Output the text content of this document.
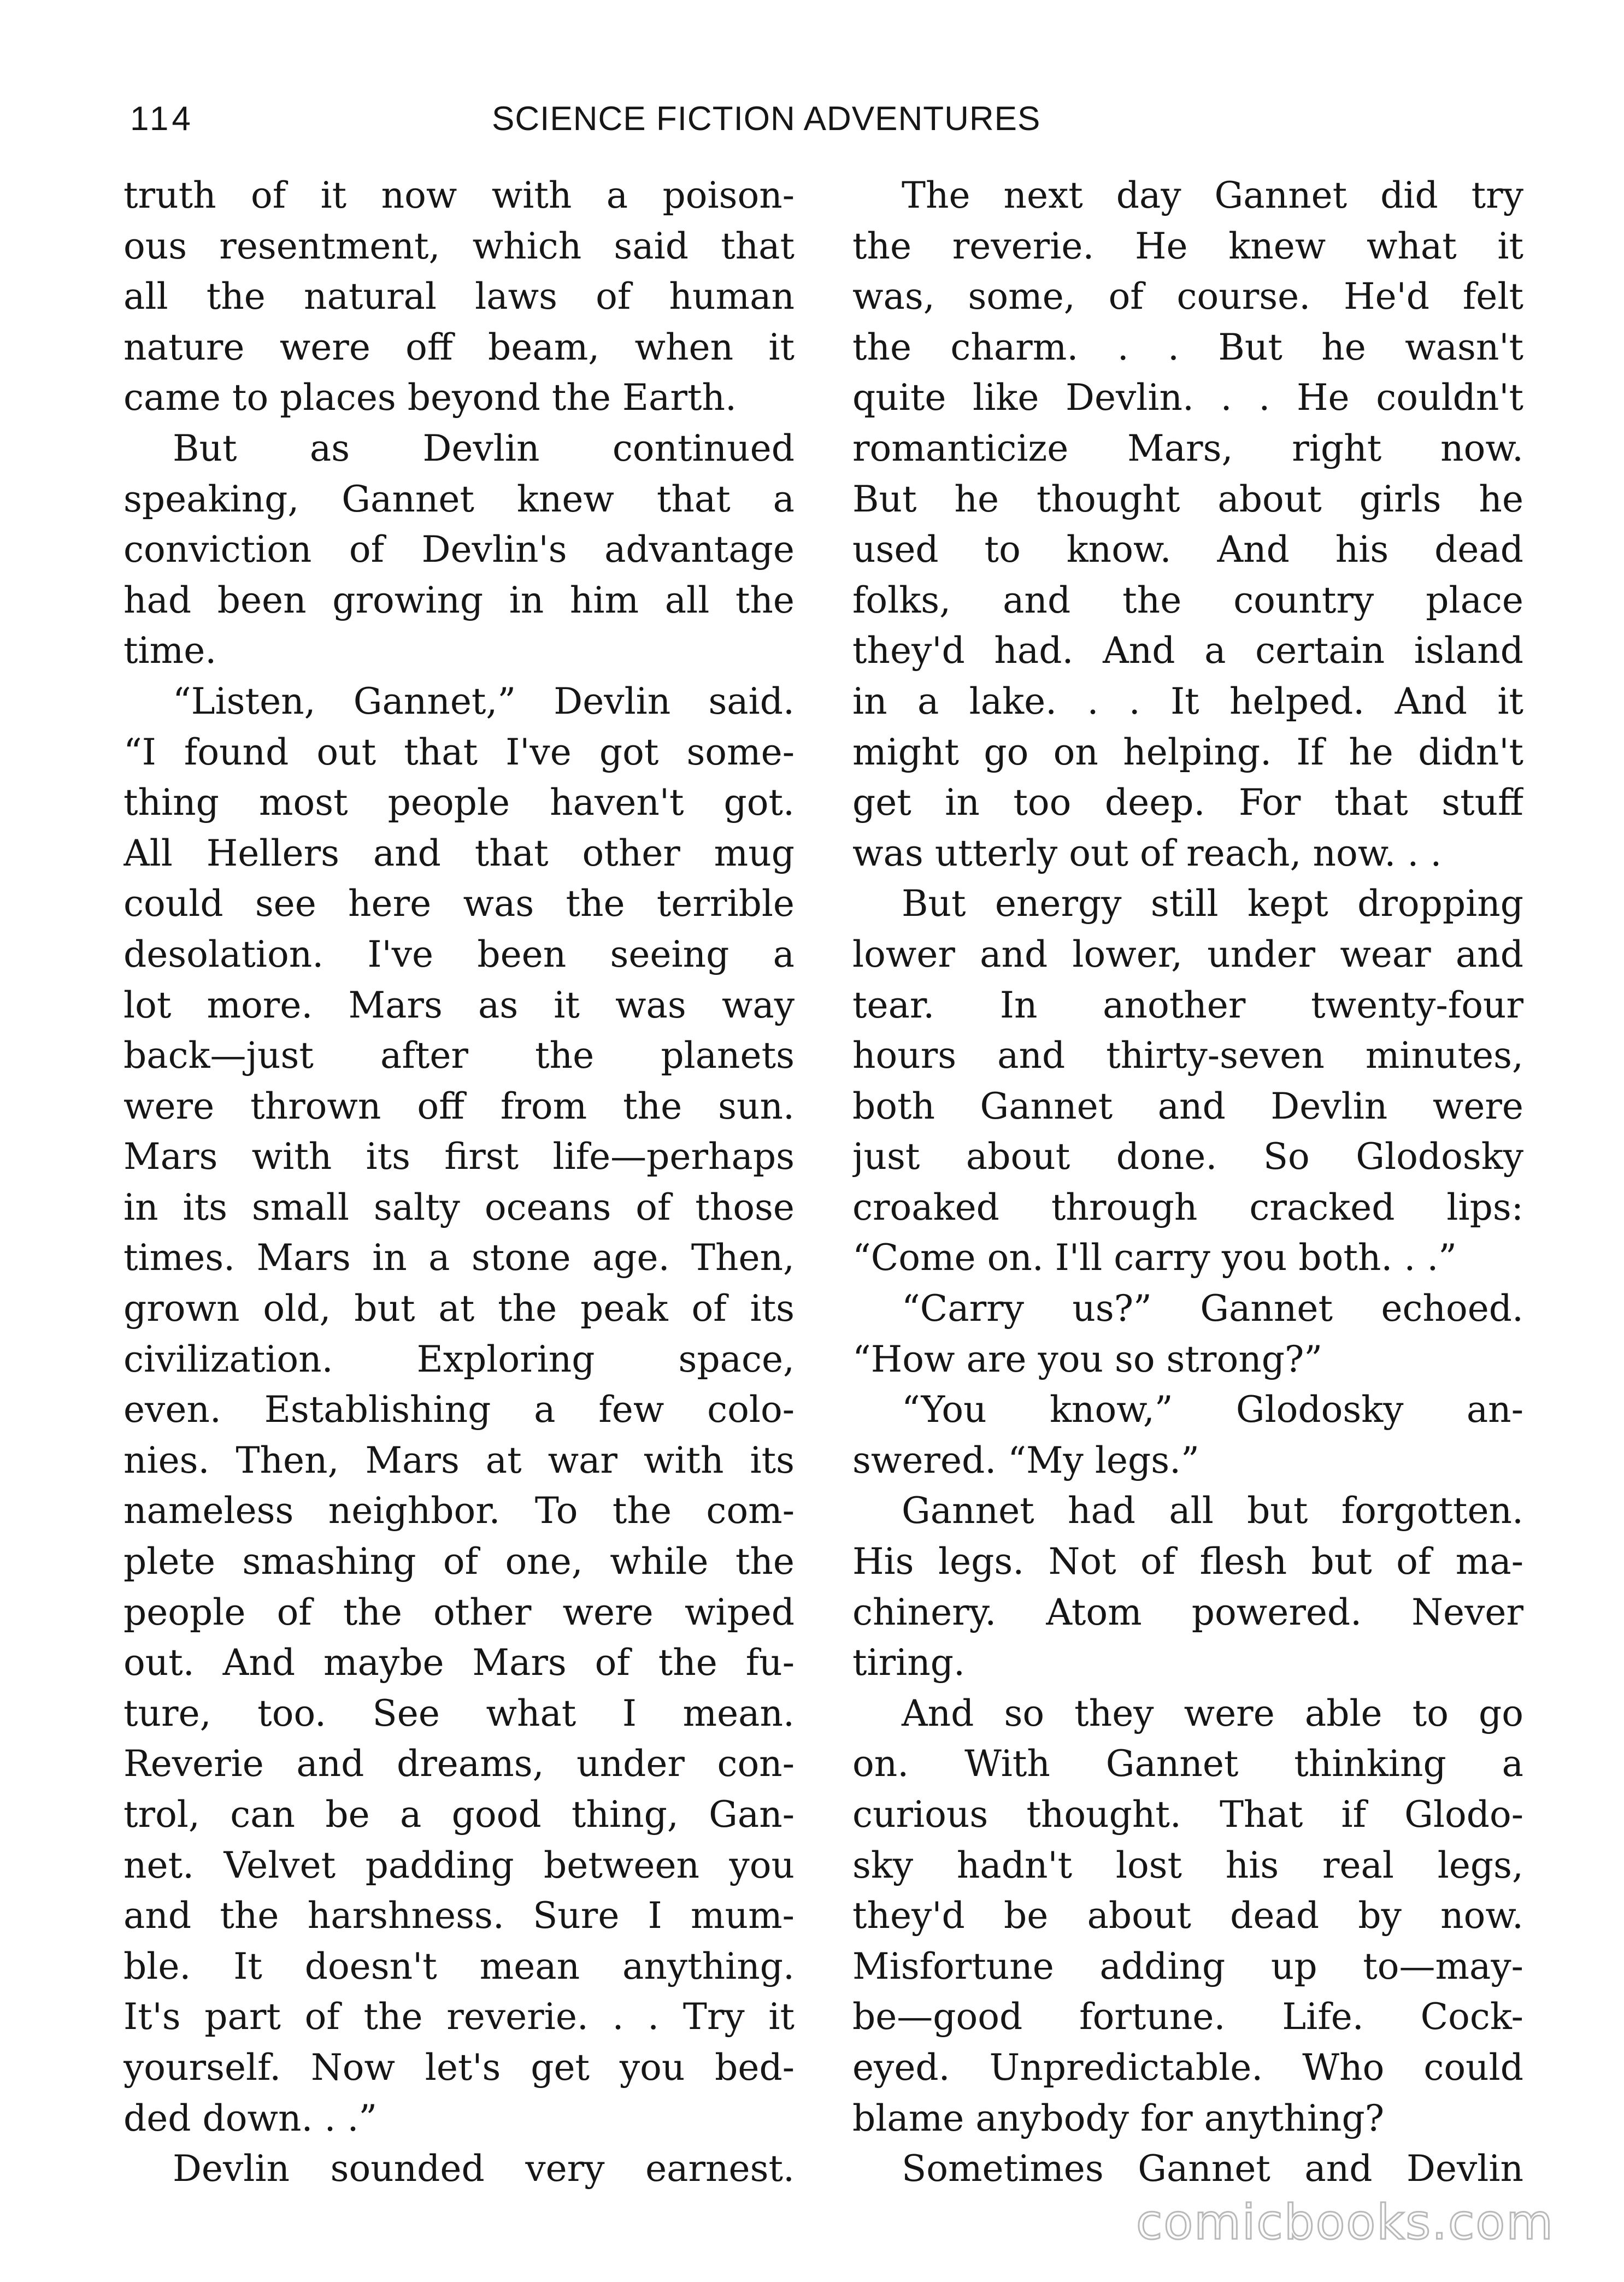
114	SCIENCE FICTION ADVENTURES
truth of it now with a poison-
ous resentment, which said that
all the natural laws of human
nature were off beam, when it
came to places beyond the Earth.
But as Devlin continued
speaking, Gannet knew that a
conviction of Devlin's advantage
had been growing in him all the
time.
“Listen, Gannet,” Devlin said.
“I found out that I've got some-
thing most people haven't got.
All Hellers and that other mug
could see here was the terrible
desolation. I've been seeing a
lot more. Mars as it was way
back—just after the planets
were thrown off from the sun.
Mars with its first life—perhaps
in its small salty oceans of those
times. Mars in a stone age. Then,
grown old, but at the peak of its
civilization. Exploring space,
even. Establishing a few colo-
nies. Then, Mars at war with its
nameless neighbor. To the com-
plete smashing of one, while the
people of the other were wiped
out. And maybe Mars of the fu-
ture, too. See what I mean.
Reverie and dreams, under con-
trol, can be a good thing, Gan-
net. Velvet padding between you
and the harshness. Sure I mum-
ble. It doesn't mean anything.
It's part of the reverie. . . Try it
yourself. Now let's get you bed-
ded down. . .”
Devlin sounded very earnest.
The next day Gannet did try
the reverie. He knew what it
was, some, of course. He'd felt
the charm. . . But he wasn't
quite like Devlin. . . He couldn't
romanticize Mars, right now.
But he thought about girls he
used to know. And his dead
folks, and the country place
they'd had. And a certain island
in a lake. . . It helped. And it
might go on helping. If he didn't
get in too deep. For that stuff
was utterly out of reach, now. . .
But energy still kept dropping
lower and lower, under wear and
tear. In another twenty-four
hours and thirty-seven minutes,
both Gannet and Devlin were
just about done. So Glodosky
croaked through cracked lips:
“Come on. I'll carry you both. . .”
“Carry us?” Gannet echoed.
“How are you so strong?”
“You know,” Glodosky an-
swered. “My legs.”
Gannet had all but forgotten.
His legs. Not of flesh but of ma-
chinery. Atom powered. Never
tiring.
And so they were able to go
on. With Gannet thinking a
curious thought. That if Glodo-
sky hadn't lost his real legs,
they'd be about dead by now.
Misfortune adding up to—may-
be—good fortune. Life. Cock-
eyed. Unpredictable. Who could
blame anybody for anything?
Sometimes Gannet and Devlin
comicbooks.com
